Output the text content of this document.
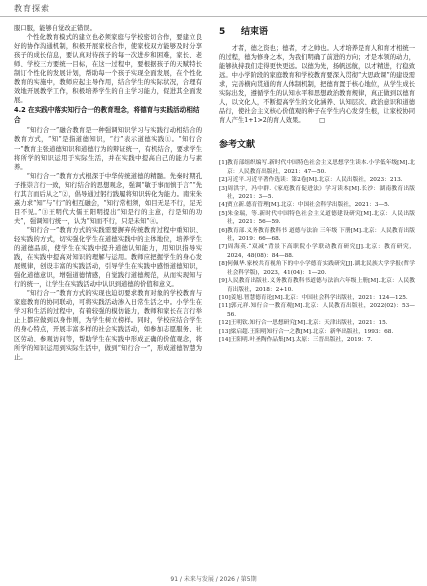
教育探索

服口服，能够自觉改正错误。

个性化教育模式的建立也必须家庭与学校密切合作，要建立良好的协作沟通机制，积极开展家校合作，使家校双方能够及时分享孩子的成长信息，要认真对待孩子的每一次进步和困难，家长、老师、学校三方要统一目标，在这一过程中，要根据孩子的天赋特长制订个性化的发展计划，帮助每一个孩子实现全面发展，在个性化教育的实施中，教师应起主导作用，结合学生的实际状况，合理有效地开展教学工作，积极培养学生的自主学习能力，促进其全面发展。

4.2 在实践中落实知行合一的教育理念，将德育与实践活动相结合

“知行合一”融合教育是一种强调知识学习与实践行动相结合的教育方式，“知”是指道德知识，“行”表示道德实践①。“知行合一”教育主张道德知识和道德行为的辩证统一，有机结合，要求学生将所学的知识运用于实际生活，并在实践中提高自己的能力与素养。

“知行合一”教育方式根深于中华传统道德的精髓。先秦时期孔子推崇言行一致，知行结合的思想观念，强调“敏于事而慎于言”“先行其言而后从之”②，倡导通过躬行践履将知识转化为能力。南宋朱熹力求“知”与“行”的相互融会，“知行常相须，如目无足不行，足无目不见。”③王明代大儒王阳明提出“知是行的主意，行是知的功夫”，强调知行统一，认为“知而不行，只是未知”④。

“知行合一”教育方式的实践需要摒弃传统教育过程中重知识、轻实践的方式，切实强化学生在道德实践中的主体地位，培养学生的道德品质，使学生在实践中提升道德认知能力，用知识指导实践，在实践中提高对知识的理解与运用。教师应把握学生的身心发展规律，创设丰富的实践活动，引导学生在实践中感悟道德知识，强化道德意识，增强道德情感，自觉践行道德规范，从而实现知与行的统一，让学生在实践活动中认识到道德的价值和意义。

“知行合一”教育方式的实现也迫切要求教育对象的学校教育与家庭教育的协同联动，可将实践活动渗入日常生活之中。小学生在学习和生活的过程中，有着较强的模仿能力，教师和家长在言行举止上都应做到以身作则，为学生树立榜样。同时，学校应结合学生的身心特点，开展丰富多样的社会实践活动，如参加志愿服务、社区劳动、参观访问等，帮助学生在实践中形成正确的价值观念，将所学的知识运用到实际生活中，做到“知行合一”，形成道德智慧为止。

5 结束语

才者，德之资也；德者，才之帅也。人才培养是育人和育才相统一的过程，德为修身之本，为我们明确了前进的方向；才是本领的动力，能够执持我们走得更快更远。以德为先，扬帆远航，以才精进，行稳致远。中小学阶段的家庭教育和学校教育要深入贯彻“大思政课”的建设需求，完善横向贯通的育人体制机制，把德育置于核心地位，从学生成长实际出发，遵循学生的认知水平和思想政治教育规律，真正做到以德育人，以文化人，不断提高学生的文化涵养、认知层次、政治意识和道德品行，使社会主义核心价值观的种子在学生内心发芽生根，让家校协同育人产生1+1>2的育人效果。 □

参考文献
[1]教育部组织编写.新时代中国特色社会主义思想学生读本.小学低年级[M].北京：人民教育出版社，2021：47—50.
[2]习近平.习近平著作选读：第2卷[M].北京：人民出版社，2023：213.
[3]周洪宇，冯中群.《家庭教育促进法》学习读本[M].长沙：湖南教育出版社，2021：3—5.
[4]贾立新.德育管理[M].北京：中国社会科学出版社，2021：3—5.
[5]朱金瑞，等.新时代中国特色社会主义道德建设研究[M].北京：人民出版社，2021：56—59.
[6]教育部.义务教育教科书 道德与法治 三年级 下册[M].北京：人民教育出版社，2019：66—68.
[7]周海英.“双减”背景下高职院小学联动教育研究[J].北京：教育研究，2024，48(08)：84—88.
[8]何佩华.家校共育视角下的中小学德育实践研究[J].湖北民族大学学报(哲学社会科学版)，2023，41(04)：1—20.
[9]人民教育出版社.义务教育教科书道德与法治六年级上册[M].北京：人民教育出版社，2018：2+10.
[10]姜旭.智慧德育论[M].北京：中国社会科学出版社，2021：124—125.
[11]郭元祥.知行合一教育观[M].北京：人民教育出版社，2022(02)：53—56.
[12]王明钦.知行合一思想研究[M].北京：天津出版社，2021：15.
[13]梁启超.王阳明知行合一之教[M].北京：新华出版社，1993：68.
[14]王阳明.叶圣陶作品集[M].太原：三晋出版社，2019：7.
91 / 未来与发展 / 2026 / 第5期
